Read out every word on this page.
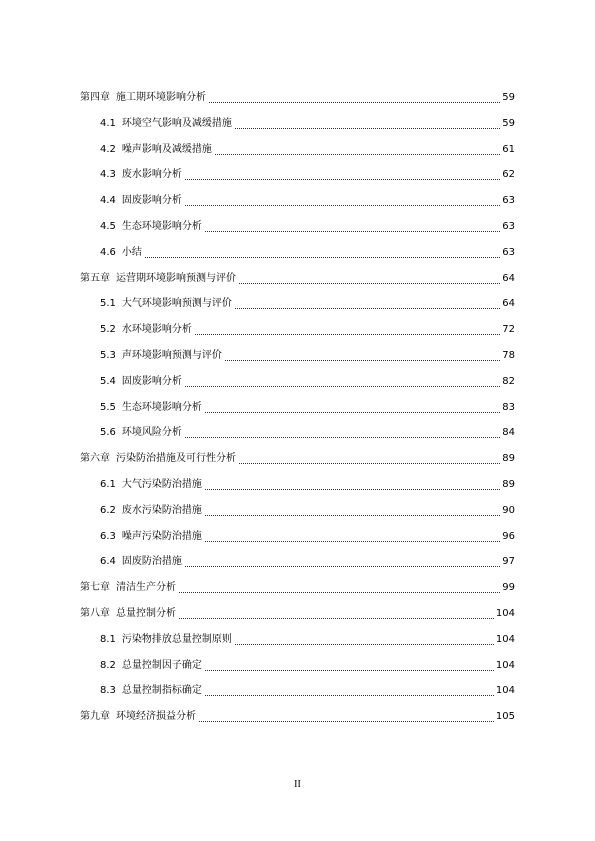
第四章 施工期环境影响分析	59
4.1 环境空气影响及减缓措施	59
4.2 噪声影响及减缓措施	61
4.3 废水影响分析	62
4.4 固废影响分析	63
4.5 生态环境影响分析	63
4.6 小结	63
第五章 运营期环境影响预测与评价	64
5.1 大气环境影响预测与评价	64
5.2 水环境影响分析	72
5.3 声环境影响预测与评价	78
5.4 固废影响分析	82
5.5 生态环境影响分析	83
5.6 环境风险分析	84
第六章 污染防治措施及可行性分析	89
6.1 大气污染防治措施	89
6.2 废水污染防治措施	90
6.3 噪声污染防治措施	96
6.4 固废防治措施	97
第七章 清洁生产分析	99
第八章 总量控制分析	104
8.1 污染物排放总量控制原则	104
8.2 总量控制因子确定	104
8.3 总量控制指标确定	104
第九章 环境经济损益分析	105
II
